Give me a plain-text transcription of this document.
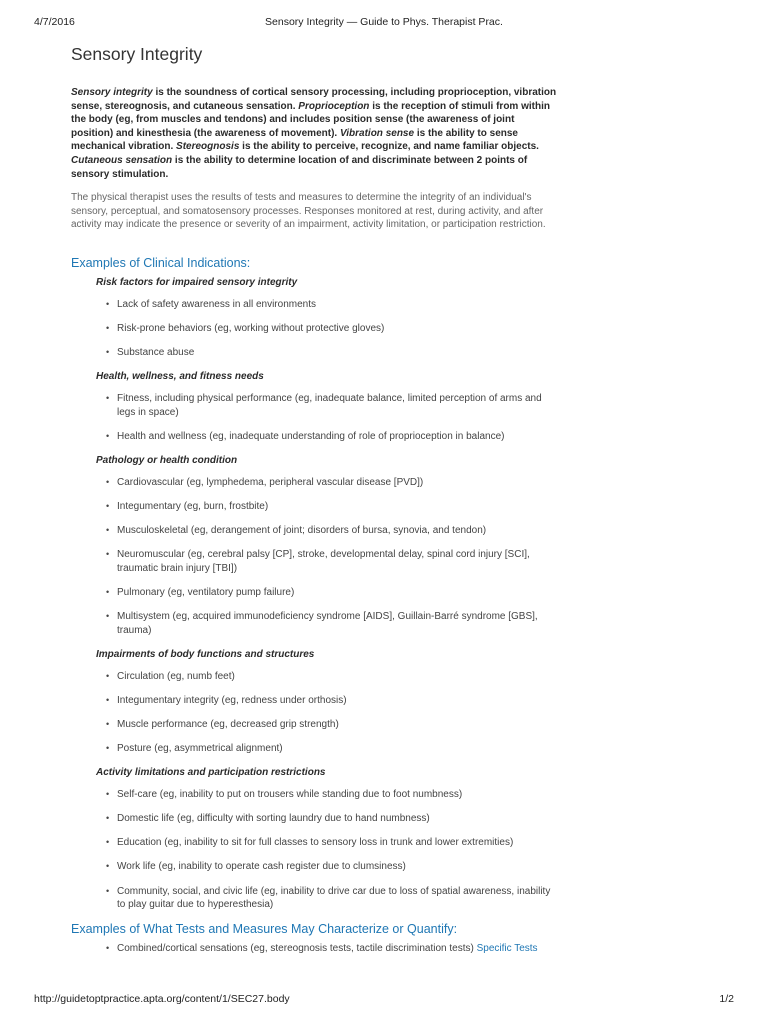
4/7/2016	Sensory Integrity — Guide to Phys. Therapist Prac.
Sensory Integrity

Sensory integrity is the soundness of cortical sensory processing, including proprioception, vibration sense, stereognosis, and cutaneous sensation. Proprioception is the reception of stimuli from within the body (eg, from muscles and tendons) and includes position sense (the awareness of joint position) and kinesthesia (the awareness of movement). Vibration sense is the ability to sense mechanical vibration. Stereognosis is the ability to perceive, recognize, and name familiar objects. Cutaneous sensation is the ability to determine location of and discriminate between 2 points of sensory stimulation.

The physical therapist uses the results of tests and measures to determine the integrity of an individual's sensory, perceptual, and somatosensory processes. Responses monitored at rest, during activity, and after activity may indicate the presence or severity of an impairment, activity limitation, or participation restriction.

Examples of Clinical Indications:
Risk factors for impaired sensory integrity
• Lack of safety awareness in all environments
• Risk-prone behaviors (eg, working without protective gloves)
• Substance abuse
Health, wellness, and fitness needs
• Fitness, including physical performance (eg, inadequate balance, limited perception of arms and legs in space)
• Health and wellness (eg, inadequate understanding of role of proprioception in balance)
Pathology or health condition
• Cardiovascular (eg, lymphedema, peripheral vascular disease [PVD])
• Integumentary (eg, burn, frostbite)
• Musculoskeletal (eg, derangement of joint; disorders of bursa, synovia, and tendon)
• Neuromuscular (eg, cerebral palsy [CP], stroke, developmental delay, spinal cord injury [SCI], traumatic brain injury [TBI])
• Pulmonary (eg, ventilatory pump failure)
• Multisystem (eg, acquired immunodeficiency syndrome [AIDS], Guillain-Barré syndrome [GBS], trauma)
Impairments of body functions and structures
• Circulation (eg, numb feet)
• Integumentary integrity (eg, redness under orthosis)
• Muscle performance (eg, decreased grip strength)
• Posture (eg, asymmetrical alignment)
Activity limitations and participation restrictions
• Self-care (eg, inability to put on trousers while standing due to foot numbness)
• Domestic life (eg, difficulty with sorting laundry due to hand numbness)
• Education (eg, inability to sit for full classes to sensory loss in trunk and lower extremities)
• Work life (eg, inability to operate cash register due to clumsiness)
• Community, social, and civic life (eg, inability to drive car due to loss of spatial awareness, inability to play guitar due to hyperesthesia)
Examples of What Tests and Measures May Characterize or Quantify:
• Combined/cortical sensations (eg, stereognosis tests, tactile discrimination tests) Specific Tests
http://guidetoptpractice.apta.org/content/1/SEC27.body	1/2
